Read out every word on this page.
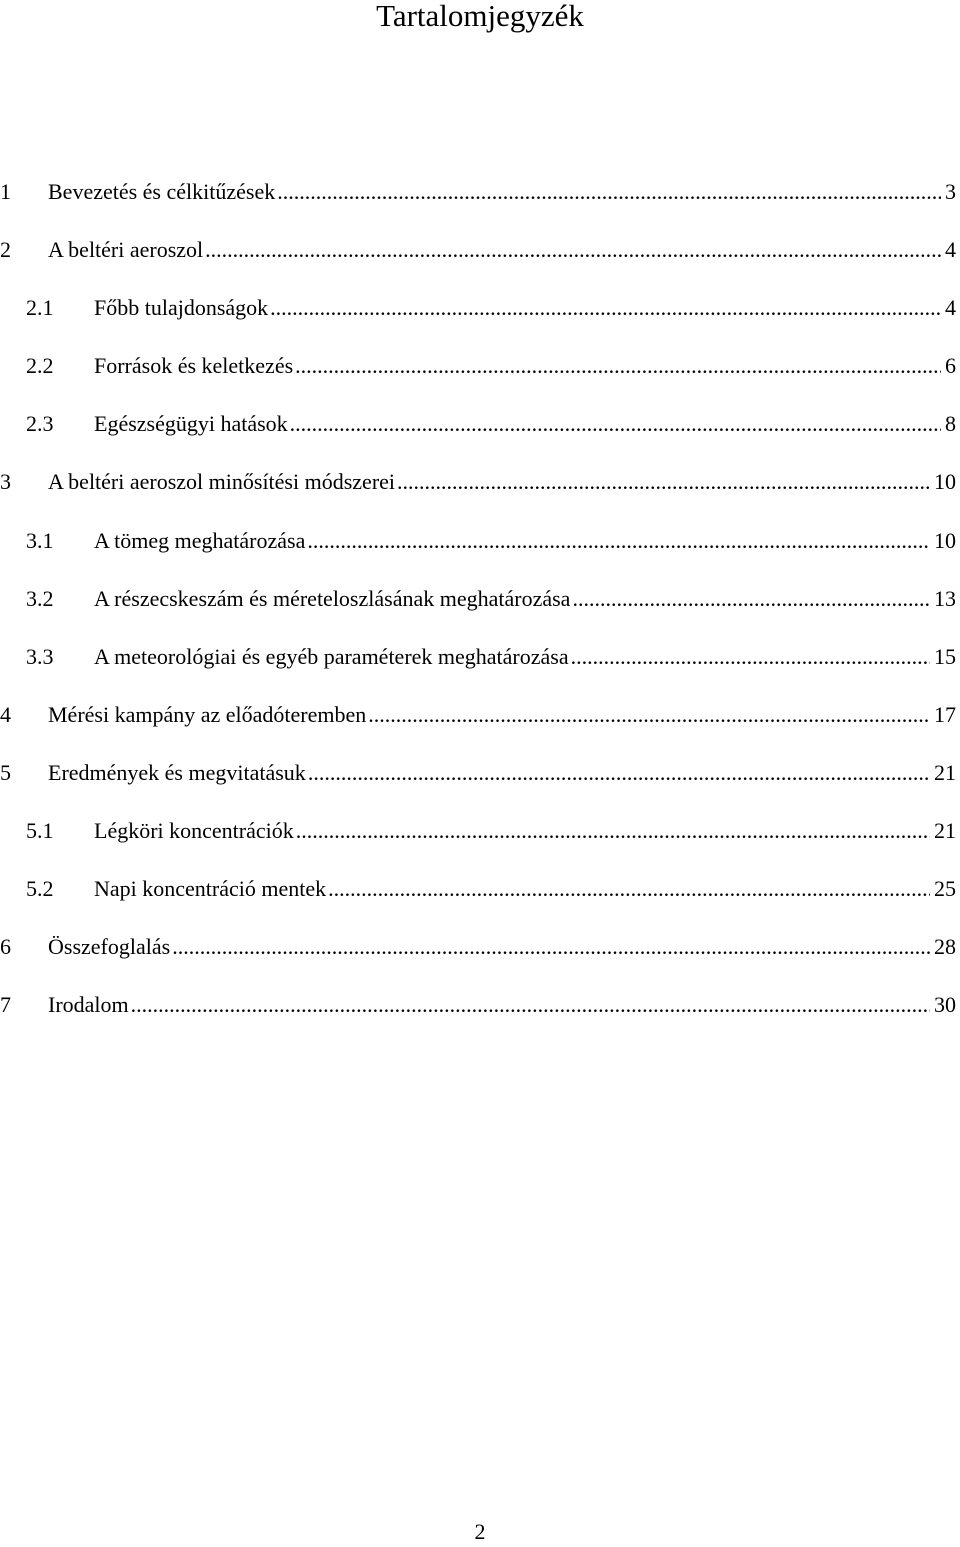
Tartalomjegyzék
1 Bevezetés és célkitűzések .....	3
2 A beltéri aeroszol .....	4
2.1 Főbb tulajdonságok .....	4
2.2 Források és keletkezés .....	6
2.3 Egészségügyi hatások .....	8
3 A beltéri aeroszol minősítési módszerei .....	10
3.1 A tömeg meghatározása .....	10
3.2 A részecskeszám és méreteloszlásának meghatározása .....	13
3.3 A meteorológiai és egyéb paraméterek meghatározása .....	15
4 Mérési kampány az előadóteremben .....	17
5 Eredmények és megvitatásuk .....	21
5.1 Légköri koncentrációk .....	21
5.2 Napi koncentráció mentek .....	25
6 Összefoglalás .....	28
7 Irodalom .....	30
2
